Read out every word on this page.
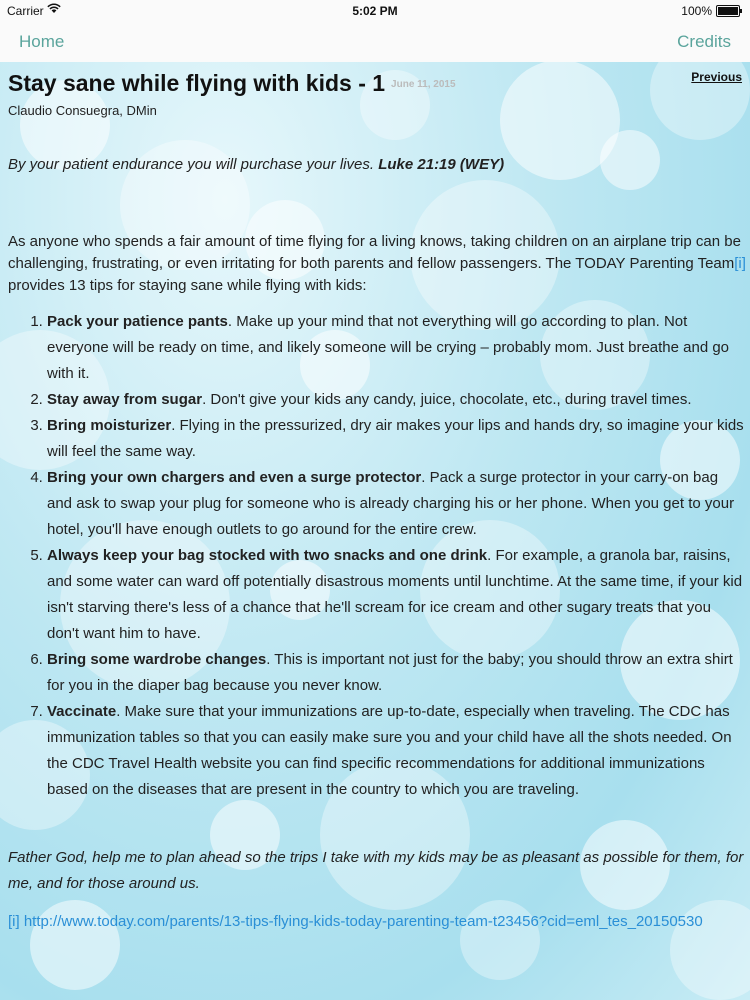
Carrier	5:02 PM	100%
Home	Credits
Stay sane while flying with kids - 1 June 11, 2015
Previous
Claudio Consuegra, DMin
By your patient endurance you will purchase your lives. Luke 21:19 (WEY)

As anyone who spends a fair amount of time flying for a living knows, taking children on an airplane trip can be challenging, frustrating, or even irritating for both parents and fellow passengers. The TODAY Parenting Team[i] provides 13 tips for staying sane while flying with kids:

1. Pack your patience pants. Make up your mind that not everything will go according to plan. Not everyone will be ready on time, and likely someone will be crying – probably mom. Just breathe and go with it.
2. Stay away from sugar. Don't give your kids any candy, juice, chocolate, etc., during travel times.
3. Bring moisturizer. Flying in the pressurized, dry air makes your lips and hands dry, so imagine your kids will feel the same way.
4. Bring your own chargers and even a surge protector. Pack a surge protector in your carry-on bag and ask to swap your plug for someone who is already charging his or her phone. When you get to your hotel, you'll have enough outlets to go around for the entire crew.
5. Always keep your bag stocked with two snacks and one drink. For example, a granola bar, raisins, and some water can ward off potentially disastrous moments until lunchtime. At the same time, if your kid isn't starving there's less of a chance that he'll scream for ice cream and other sugary treats that you don't want him to have.
6. Bring some wardrobe changes. This is important not just for the baby; you should throw an extra shirt for you in the diaper bag because you never know.
7. Vaccinate. Make sure that your immunizations are up-to-date, especially when traveling. The CDC has immunization tables so that you can easily make sure you and your child have all the shots needed. On the CDC Travel Health website you can find specific recommendations for additional immunizations based on the diseases that are present in the country to which you are traveling.
Father God, help me to plan ahead so the trips I take with my kids may be as pleasant as possible for them, for me, and for those around us.
[i] http://www.today.com/parents/13-tips-flying-kids-today-parenting-team-t23456?cid=eml_tes_20150530
